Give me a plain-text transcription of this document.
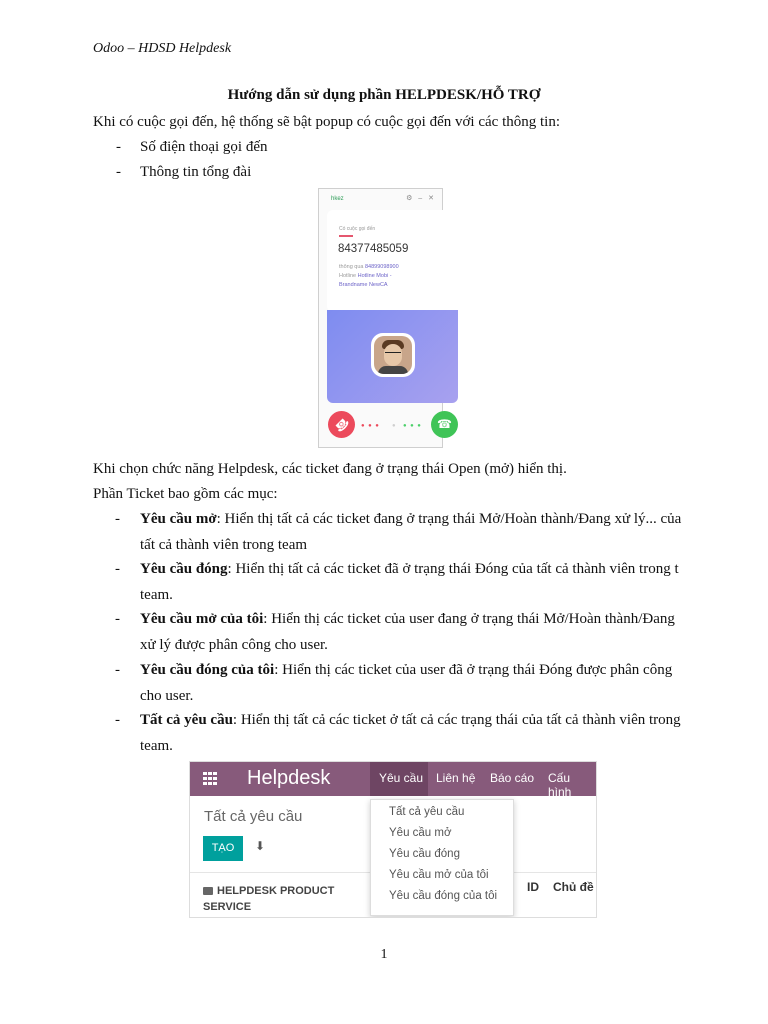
Odoo – HDSD Helpdesk
Hướng dẫn sử dụng phần HELPDESK/HỖ TRỢ
Khi có cuộc gọi đến, hệ thống sẽ bật popup có cuộc gọi đến với các thông tin:
- Số điện thoại gọi đến
- Thông tin tổng đài
hkez	⚙ ‒ ✕
Có cuộc gọi đến
84377485059
thông qua 84899098900
Hotline Hotline Mobi -
Brandname NewCA
☎	● ● ● ● ● ● ●	☎
Khi chọn chức năng Helpdesk, các ticket đang ở trạng thái Open (mở) hiển thị.
Phần Ticket bao gồm các mục:
- Yêu cầu mở: Hiển thị tất cả các ticket đang ở trạng thái Mở/Hoàn thành/Đang xử lý... của
tất cả thành viên trong team
- Yêu cầu đóng: Hiển thị tất cả các ticket đã ở trạng thái Đóng của tất cả thành viên trong t
team.
- Yêu cầu mở của tôi: Hiển thị các ticket của user đang ở trạng thái Mở/Hoàn thành/Đang
xử lý được phân công cho user.
- Yêu cầu đóng của tôi: Hiển thị các ticket của user đã ở trạng thái Đóng được phân công
cho user.
- Tất cả yêu cầu: Hiển thị tất cả các ticket ở tất cả các trạng thái của tất cả thành viên trong
team.
Helpdesk	Yêu cầu Liên hệ Báo cáo Cấu hình
Tất cả yêu cầu
TẠO	⬇
HELPDESK PRODUCT
SERVICE
ID Chủ đề
Tất cả yêu cầu
Yêu cầu mở
Yêu cầu đóng
Yêu cầu mở của tôi
Yêu cầu đóng của tôi
1
